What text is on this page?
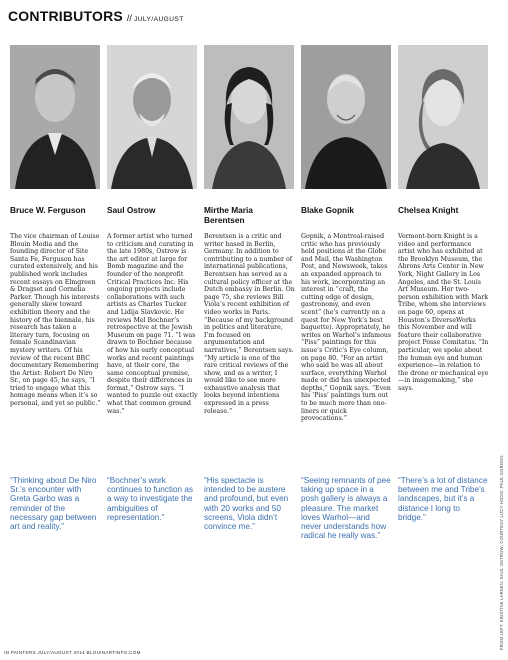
CONTRIBUTORS // JULY/AUGUST
Bruce W. Ferguson
The vice chairman of Louise Blouin Media and the founding director of Site Santa Fe, Ferguson has curated extensively, and his published work includes recent essays on Elmgreen & Dragset and Cornelia Parker. Though his interests generally skew toward exhibition theory and the history of the biennale, his research has taken a literary turn, focusing on female Scandinavian mystery writers. Of his review of the recent BBC documentary Remembering the Artist: Robert De Niro Sr., on page 45, he says, “I tried to engage what this homage means when it’s so personal, and yet so public.”
Saul Ostrow
A former artist who turned to criticism and curating in the late 1980s, Ostrow is the art editor at large for Bomb magazine and the founder of the nonprofit Critical Practices Inc. His ongoing projects include collaborations with such artists as Charles Tucker and Lidija Slavkovic. He reviews Mel Bochner’s retrospective at the Jewish Museum on page 71. “I was drawn to Bochner because of how his early conceptual works and recent paintings have, at their core, the same conceptual premise, despite their differences in format,” Ostrow says. “I wanted to puzzle out exactly what that common ground was.”
Mirthe Maria Berentsen
Berentsen is a critic and writer based in Berlin, Germany. In addition to contributing to a number of international publications, Berentsen has served as a cultural policy officer at the Dutch embassy in Berlin. On page 75, she reviews Bill Viola’s recent exhibition of video works in Paris. “Because of my background in politics and literature, I’m focused on argumentation and narratives,” Berentsen says. “My article is one of the rare critical reviews of the show, and as a writer, I would like to see more exhaustive analysis that looks beyond intentions expressed in a press release.”
Blake Gopnik
Gopnik, a Montreal-raised critic who has previously held positions at the Globe and Mail, the Washington Post, and Newsweek, takes an expanded approach to his work, incorporating an interest in “craft, the cutting edge of design, gastronomy, and even scent” (he’s currently on a quest for New York’s best baguette). Appropriately, he writes on Warhol’s infamous “Piss” paintings for this issue’s Critic’s Eye column, on page 80. “For an artist who said he was all about surface, everything Warhol made or did has unexpected depths,” Gopnik says. “Even his ‘Piss’ paintings turn out to be much more than one-liners or quick provocations.”
Chelsea Knight
Vermont-born Knight is a video and performance artist who has exhibited at the Brooklyn Museum, the Abrons Arts Center in New York, Night Gallery in Los Angeles, and the St. Louis Art Museum. Her two-person exhibition with Mark Tribe, whom she interviews on page 60, opens at Houston’s DiverseWorks this November and will feature their collaborative project Posse Comitatus. “In particular, we spoke about the human eye and human experience—in relation to the drone or mechanical eye—in imagemaking,” she says.
“Thinking about De Niro Sr.’s encounter with Greta Garbo was a reminder of the necessary gap between art and reality.”
“Bochner’s work continues to function as a way to investigate the ambiguities of representation.”
“His spectacle is intended to be austere and profound, but even with 20 works and 50 screens, Viola didn’t convince me.”
“Seeing remnants of pee taking up space in a posh gallery is always a pleasure. The market loves Warhol—and never understands how radical he really was.”
“There’s a lot of distance between me and Tribe’s landscapes, but it’s a distance I long to bridge.”	FROM LEFT: KRISTINE LARSEN; SAUL OSTROW; COURTESY LUCY HOGG; PAUL GORDON
IN PAINTERS JULY/AUGUST 2014 BLOUINARTINFO.COM
